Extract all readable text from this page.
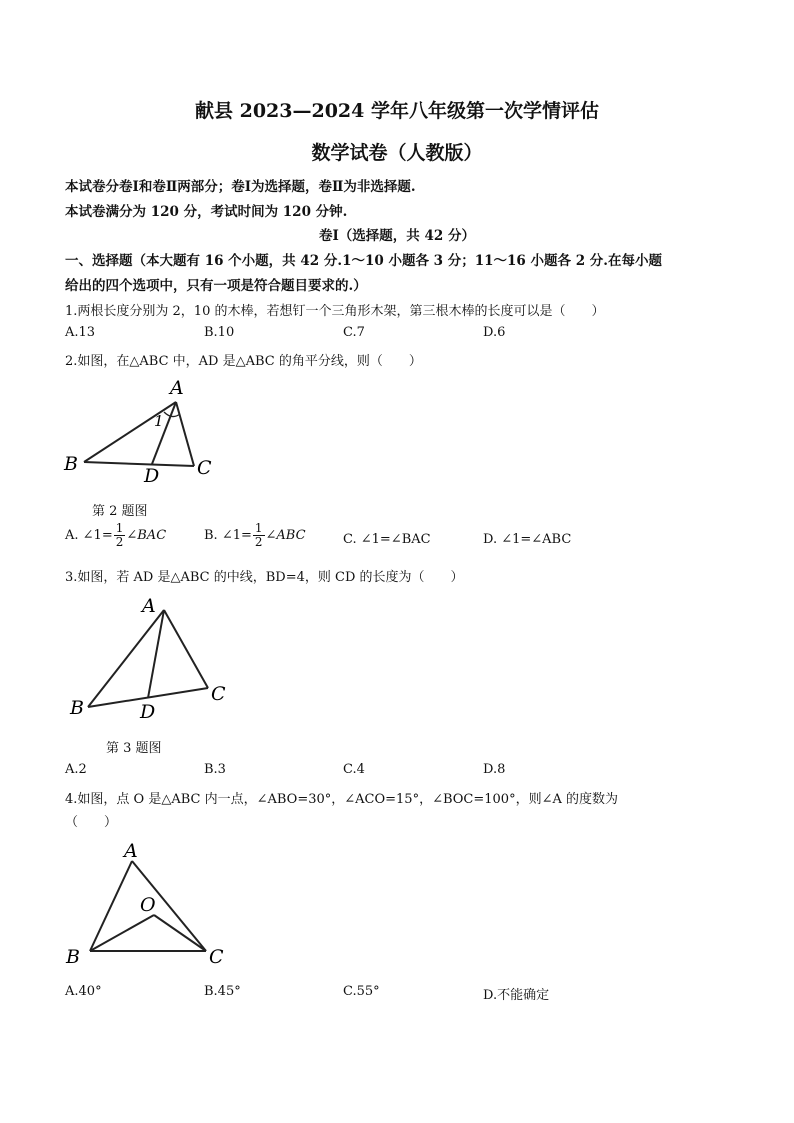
献县 2023—2024 学年八年级第一次学情评估
数学试卷（人教版）
本试卷分卷Ⅰ和卷Ⅱ两部分；卷Ⅰ为选择题，卷Ⅱ为非选择题.
本试卷满分为 120 分，考试时间为 120 分钟.
卷Ⅰ（选择题，共 42 分）
一、选择题（本大题有 16 个小题，共 42 分.1～10 小题各 3 分；11～16 小题各 2 分.在每小题
给出的四个选项中，只有一项是符合题目要求的.）
1.两根长度分别为 2，10 的木棒，若想钉一个三角形木架，第三根木棒的长度可以是（　　）
A.13	B.10	C.7	D.6
2.如图，在△ABC 中，AD 是△ABC 的角平分线，则（　　）
A
B	C
D
1
第 2 题图
A. ∠1= $\frac{1}{2}$ ∠BAC	B. ∠1= $\frac{1}{2}$ ∠ABC	C. ∠1=∠BAC	D. ∠1=∠ABC
3.如图，若 AD 是△ABC 的中线，BD=4，则 CD 的长度为（　　）
A
B
C
D
第 3 题图
A.2	B.3	C.4	D.8
4.如图，点 O 是△ABC 内一点，∠ABO=30°，∠ACO=15°，∠BOC=100°，则∠A 的度数为
（　　）
A
B	C
O
A.40°	B.45°	C.55°	D.不能确定
